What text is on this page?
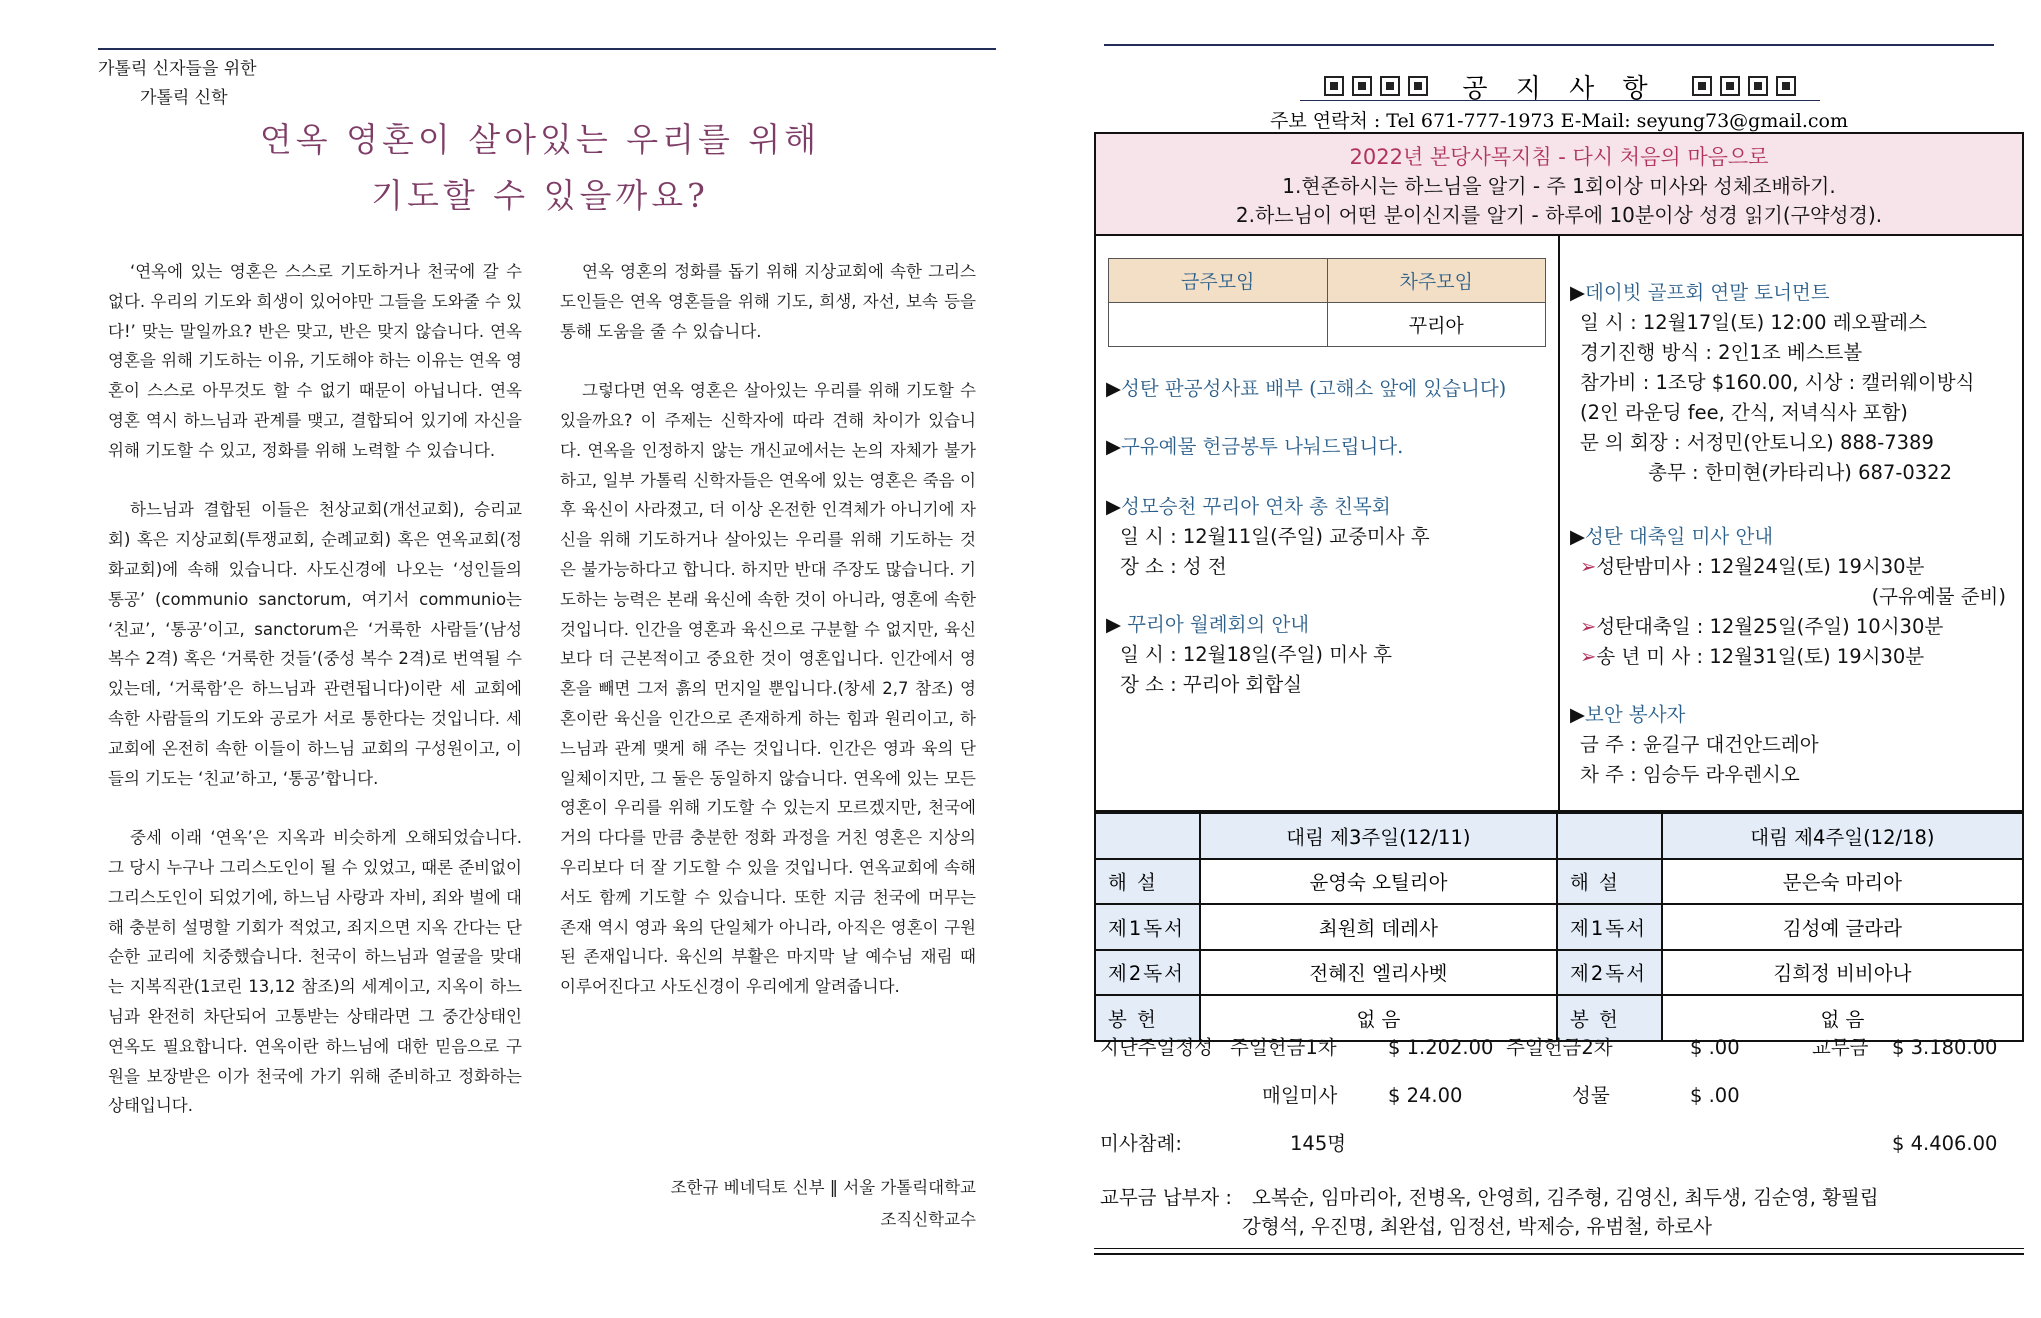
가톨릭 신자들을 위한
가톨릭 신학
연옥 영혼이 살아있는 우리를 위해
기도할 수 있을까요?

‘연옥에 있는 영혼은 스스로 기도하거나 천국에 갈 수 없다. 우리의 기도와 희생이 있어야만 그들을 도와줄 수 있다!’ 맞는 말일까요? 반은 맞고, 반은 맞지 않습니다. 연옥 영혼을 위해 기도하는 이유, 기도해야 하는 이유는 연옥 영혼이 스스로 아무것도 할 수 없기 때문이 아닙니다. 연옥 영혼 역시 하느님과 관계를 맺고, 결합되어 있기에 자신을 위해 기도할 수 있고, 정화를 위해 노력할 수 있습니다.

하느님과 결합된 이들은 천상교회(개선교회), 승리교회) 혹은 지상교회(투쟁교회, 순례교회) 혹은 연옥교회(정화교회)에 속해 있습니다. 사도신경에 나오는 ‘성인들의 통공’ (communio sanctorum, 여기서 communio는 ‘친교’, ‘통공’이고, sanctorum은 ‘거룩한 사람들’(남성 복수 2격) 혹은 ‘거룩한 것들’(중성 복수 2격)로 번역될 수 있는데, ‘거룩함’은 하느님과 관련됩니다)이란 세 교회에 속한 사람들의 기도와 공로가 서로 통한다는 것입니다. 세 교회에 온전히 속한 이들이 하느님 교회의 구성원이고, 이들의 기도는 ‘친교’하고, ‘통공’합니다.

중세 이래 ‘연옥’은 지옥과 비슷하게 오해되었습니다. 그 당시 누구나 그리스도인이 될 수 있었고, 때론 준비없이 그리스도인이 되었기에, 하느님 사랑과 자비, 죄와 벌에 대해 충분히 설명할 기회가 적었고, 죄지으면 지옥 간다는 단순한 교리에 치중했습니다. 천국이 하느님과 얼굴을 맞대는 지복직관(1코린 13,12 참조)의 세계이고, 지옥이 하느님과 완전히 차단되어 고통받는 상태라면 그 중간상태인 연옥도 필요합니다. 연옥이란 하느님에 대한 믿음으로 구원을 보장받은 이가 천국에 가기 위해 준비하고 정화하는 상태입니다.

연옥 영혼의 정화를 돕기 위해 지상교회에 속한 그리스도인들은 연옥 영혼들을 위해 기도, 희생, 자선, 보속 등을 통해 도움을 줄 수 있습니다.

그렇다면 연옥 영혼은 살아있는 우리를 위해 기도할 수 있을까요? 이 주제는 신학자에 따라 견해 차이가 있습니다. 연옥을 인정하지 않는 개신교에서는 논의 자체가 불가하고, 일부 가톨릭 신학자들은 연옥에 있는 영혼은 죽음 이후 육신이 사라졌고, 더 이상 온전한 인격체가 아니기에 자신을 위해 기도하거나 살아있는 우리를 위해 기도하는 것은 불가능하다고 합니다. 하지만 반대 주장도 많습니다. 기도하는 능력은 본래 육신에 속한 것이 아니라, 영혼에 속한 것입니다. 인간을 영혼과 육신으로 구분할 수 없지만, 육신보다 더 근본적이고 중요한 것이 영혼입니다. 인간에서 영혼을 빼면 그저 흙의 먼지일 뿐입니다.(창세 2,7 참조) 영혼이란 육신을 인간으로 존재하게 하는 힘과 원리이고, 하느님과 관계 맺게 해 주는 것입니다. 인간은 영과 육의 단일체이지만, 그 둘은 동일하지 않습니다. 연옥에 있는 모든 영혼이 우리를 위해 기도할 수 있는지 모르겠지만, 천국에 거의 다다를 만큼 충분한 정화 과정을 거친 영혼은 지상의 우리보다 더 잘 기도할 수 있을 것입니다. 연옥교회에 속해서도 함께 기도할 수 있습니다. 또한 지금 천국에 머무는 존재 역시 영과 육의 단일체가 아니라, 아직은 영혼이 구원된 존재입니다. 육신의 부활은 마지막 날 예수님 재림 때 이루어진다고 사도신경이 우리에게 알려줍니다.

조한규 베네딕토 신부 ‖ 서울 가톨릭대학교
조직신학교수
공 지 사 항
주보 연락처 : Tel 671-777-1973 E-Mail: seyung73@gmail.com
2022년 본당사목지침 - 다시 처음의 마음으로
1.현존하시는 하느님을 알기 - 주 1회이상 미사와 성체조배하기.
2.하느님이 어떤 분이신지를 알기 - 하루에 10분이상 성경 읽기(구약성경).
금주모임	차주모임
	꾸리아
▶성탄 판공성사표 배부 (고해소 앞에 있습니다)
▶구유예물 헌금봉투 나눠드립니다.
▶성모승천 꾸리아 연차 총 친목회
일 시 : 12월11일(주일) 교중미사 후
장 소 : 성 전
▶ 꾸리아 월례회의 안내
일 시 : 12월18일(주일) 미사 후
장 소 : 꾸리아 회합실
▶데이빗 골프회 연말 토너먼트
일 시 : 12월17일(토) 12:00 레오팔레스
경기진행 방식 : 2인1조 베스트볼
참가비 : 1조당 $160.00, 시상 : 캘러웨이방식
(2인 라운딩 fee, 간식, 저녁식사 포함)
문 의 회장 : 서정민(안토니오) 888-7389
총무 : 한미현(카타리나) 687-0322
▶성탄 대축일 미사 안내
➢성탄밤미사 : 12월24일(토) 19시30분
(구유예물 준비)
➢성탄대축일 : 12월25일(주일) 10시30분
➢송 년 미 사 : 12월31일(토) 19시30분
▶보안 봉사자
금 주 : 윤길구 대건안드레아
차 주 : 임승두 라우렌시오
	대림 제3주일(12/11)		대림 제4주일(12/18)
해 설	윤영숙 오틸리아	해 설	문은숙 마리아
제1독서	최원희 데레사	제1독서	김성예 글라라
제2독서	전혜진 엘리사벳	제2독서	김희정 비비아나
봉 헌	없 음	봉 헌	없 음
지난주일정성 주일헌금1차	$ 1.202.00 주일헌금2차	$ .00	교무금 $ 3.180.00
매일미사	$ 24.00	성물	$ .00
미사참례:	145명	$ 4.406.00
교무금 납부자 : 오복순, 임마리아, 전병옥, 안영희, 김주형, 김영신, 최두생, 김순영, 황필립
강형석, 우진명, 최완섭, 임정선, 박제승, 유범철, 하로사
